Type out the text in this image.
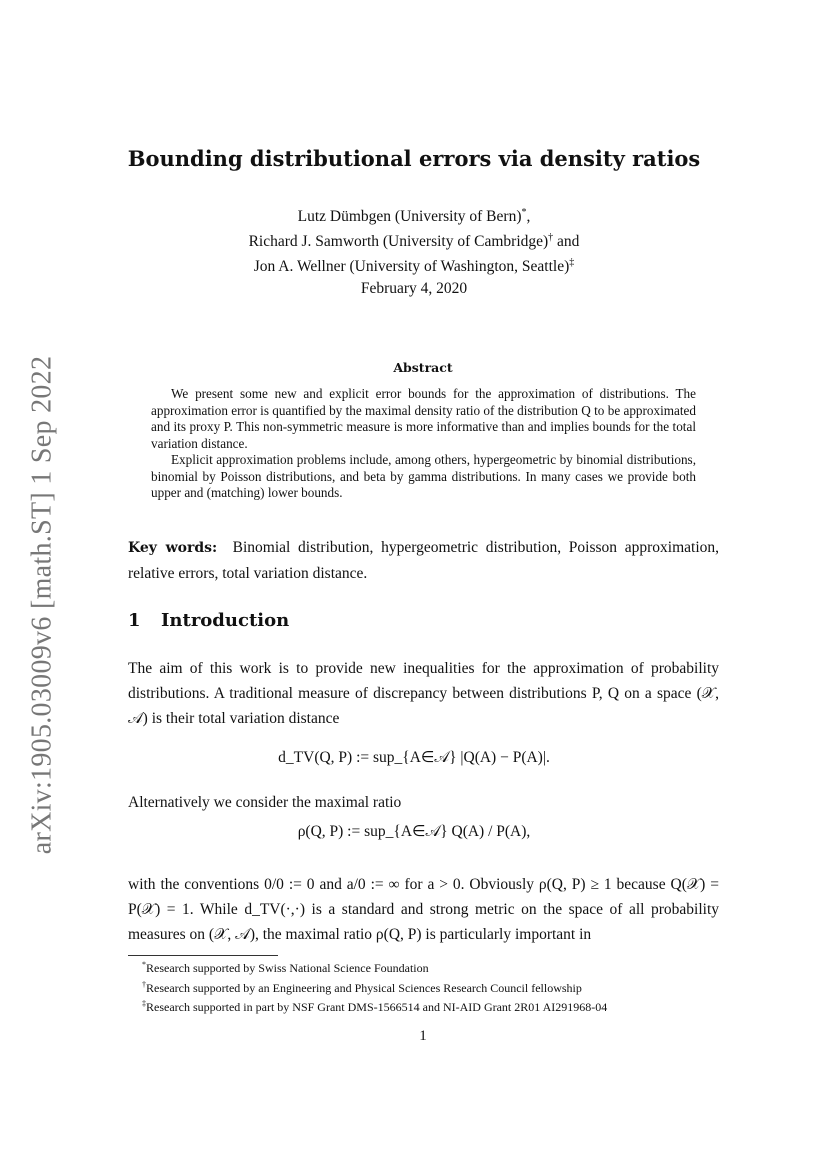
arXiv:1905.03009v6 [math.ST] 1 Sep 2022
Bounding distributional errors via density ratios
Lutz Dümbgen (University of Bern)*,
Richard J. Samworth (University of Cambridge)† and
Jon A. Wellner (University of Washington, Seattle)‡
February 4, 2020
Abstract

We present some new and explicit error bounds for the approximation of distributions. The approximation error is quantified by the maximal density ratio of the distribution Q to be approximated and its proxy P. This non-symmetric measure is more informative than and implies bounds for the total variation distance.

Explicit approximation problems include, among others, hypergeometric by binomial distributions, binomial by Poisson distributions, and beta by gamma distributions. In many cases we provide both upper and (matching) lower bounds.

Key words: Binomial distribution, hypergeometric distribution, Poisson approximation, relative errors, total variation distance.
1 Introduction

The aim of this work is to provide new inequalities for the approximation of probability distributions. A traditional measure of discrepancy between distributions P, Q on a space (𝒳, 𝒜) is their total variation distance

d_TV(Q, P) := sup_{A∈𝒜} |Q(A) − P(A)|.

Alternatively we consider the maximal ratio

ρ(Q, P) := sup_{A∈𝒜} Q(A) / P(A),

with the conventions 0/0 := 0 and a/0 := ∞ for a > 0. Obviously ρ(Q, P) ≥ 1 because Q(𝒳) = P(𝒳) = 1. While d_TV(·,·) is a standard and strong metric on the space of all probability measures on (𝒳, 𝒜), the maximal ratio ρ(Q, P) is particularly important in

*Research supported by Swiss National Science Foundation
†Research supported by an Engineering and Physical Sciences Research Council fellowship
‡Research supported in part by NSF Grant DMS-1566514 and NI-AID Grant 2R01 AI291968-04
1
